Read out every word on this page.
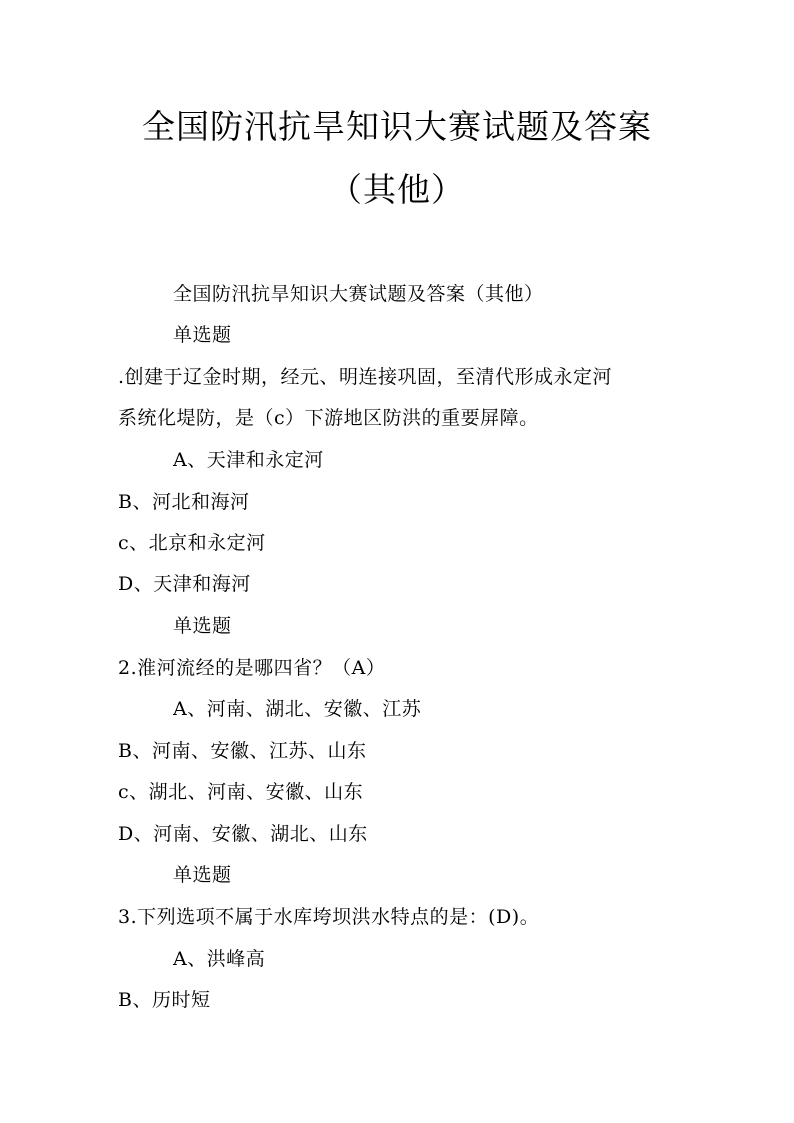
全国防汛抗旱知识大赛试题及答案
（其他）
全国防汛抗旱知识大赛试题及答案（其他）
单选题
.创建于辽金时期，经元、明连接巩固，至清代形成永定河
系统化堤防，是（c）下游地区防洪的重要屏障。
A、天津和永定河
B、河北和海河
c、北京和永定河
D、天津和海河
单选题
2.淮河流经的是哪四省？（A）
A、河南、湖北、安徽、江苏
B、河南、安徽、江苏、山东
c、湖北、河南、安徽、山东
D、河南、安徽、湖北、山东
单选题
3.下列选项不属于水库垮坝洪水特点的是：(D)。
A、洪峰高
B、历时短
